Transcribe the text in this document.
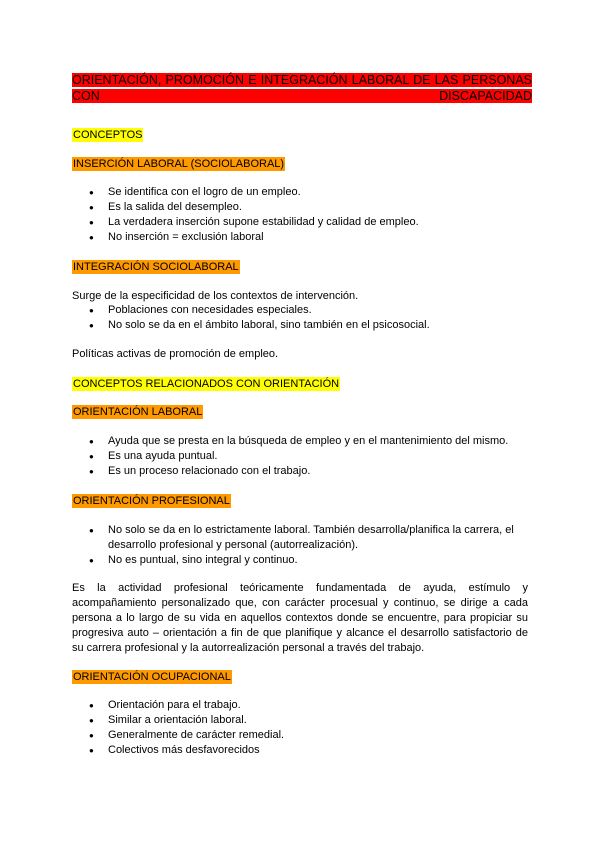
ORIENTACIÓN, PROMOCIÓN E INTEGRACIÓN LABORAL DE LAS PERSONAS CON DISCAPACIDAD
CONCEPTOS
INSERCIÓN LABORAL (SOCIOLABORAL)
● Se identifica con el logro de un empleo.
● Es la salida del desempleo.
● La verdadera inserción supone estabilidad y calidad de empleo.
● No inserción = exclusión laboral
INTEGRACIÓN SOCIOLABORAL
Surge de la especificidad de los contextos de intervención.
● Poblaciones con necesidades especiales.
● No solo se da en el ámbito laboral, sino también en el psicosocial.
Políticas activas de promoción de empleo.
CONCEPTOS RELACIONADOS CON ORIENTACIÓN
ORIENTACIÓN LABORAL
● Ayuda que se presta en la búsqueda de empleo y en el mantenimiento del mismo.
● Es una ayuda puntual.
● Es un proceso relacionado con el trabajo.
ORIENTACIÓN PROFESIONAL
● No solo se da en lo estrictamente laboral. También desarrolla/planifica la carrera, el desarrollo profesional y personal (autorrealización).
● No es puntual, sino integral y continuo.
Es la actividad profesional teóricamente fundamentada de ayuda, estímulo y acompañamiento personalizado que, con carácter procesual y continuo, se dirige a cada persona a lo largo de su vida en aquellos contextos donde se encuentre, para propiciar su progresiva auto – orientación a fin de que planifique y alcance el desarrollo satisfactorio de su carrera profesional y la autorrealización personal a través del trabajo.
ORIENTACIÓN OCUPACIONAL
● Orientación para el trabajo.
● Similar a orientación laboral.
● Generalmente de carácter remedial.
● Colectivos más desfavorecidos
